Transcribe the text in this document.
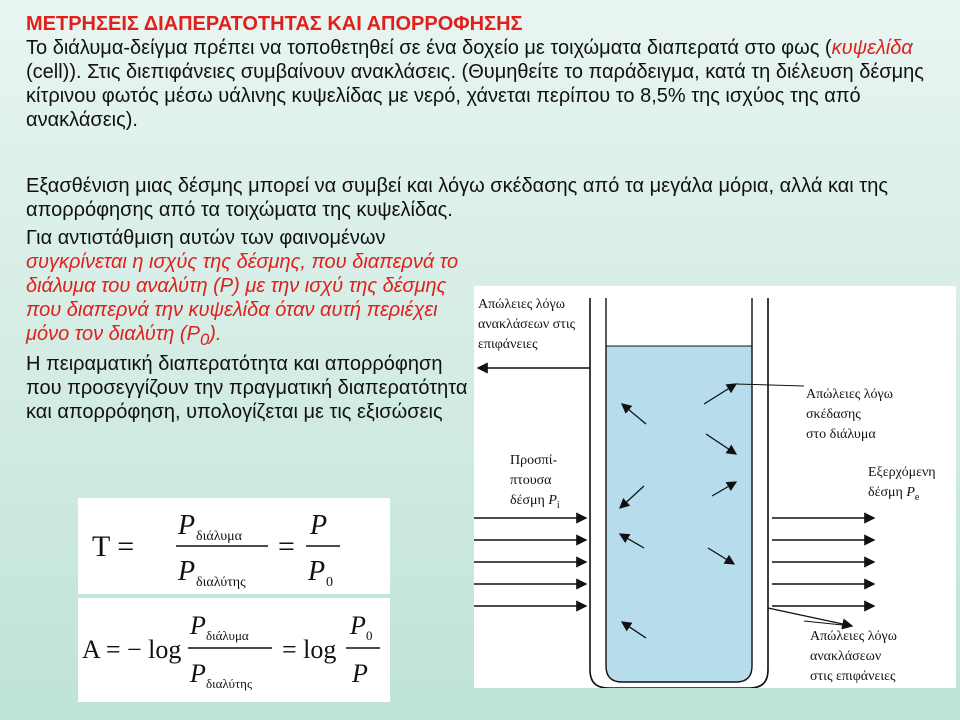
ΜΕΤΡΗΣΕΙΣ ΔΙΑΠΕΡΑΤΟΤΗΤΑΣ ΚΑΙ ΑΠΟΡΡΟΦΗΣΗΣ

Το διάλυμα-δείγμα πρέπει να τοποθετηθεί σε ένα δοχείο με τοιχώματα διαπερατά στο φως (κυψελίδα (cell)). Στις διεπιφάνειες συμβαίνουν ανακλάσεις. (Θυμηθείτε το παράδειγμα, κατά τη διέλευση δέσμης κίτρινου φωτός μέσω υάλινης κυψελίδας με νερό, χάνεται περίπου το 8,5% της ισχύος της από ανακλάσεις).

Εξασθένιση μιας δέσμης μπορεί να συμβεί και λόγω σκέδασης από τα μεγάλα μόρια, αλλά και της απορρόφησης από τα τοιχώματα της κυψελίδας.

Για αντιστάθμιση αυτών των φαινομένων συγκρίνεται η ισχύς της δέσμης, που διαπερνά το διάλυμα του αναλύτη (P) με την ισχύ της δέσμης που διαπερνά την κυψελίδα όταν αυτή περιέχει μόνο τον διαλύτη $(P_0)$.

Η πειραματική διαπερατότητα και απορρόφηση που προσεγγίζουν την πραγματική διαπερατότητα και απορρόφηση, υπολογίζεται με τις εξισώσεις

T =
P διάλυμα
P διαλύτης
=
P
P 0
A = − log
P διάλυμα
P διαλύτης
= log
P 0
P
Απώλειες λόγω ανακλάσεων στις επιφάνειες
Απώλειες λόγω σκέδασης στο διάλυμα
Προσπί- πτουσα δέσμη $P_i$
Εξερχόμενη δέσμη $P_e$
Απώλειες λόγω ανακλάσεων στις επιφάνειες
